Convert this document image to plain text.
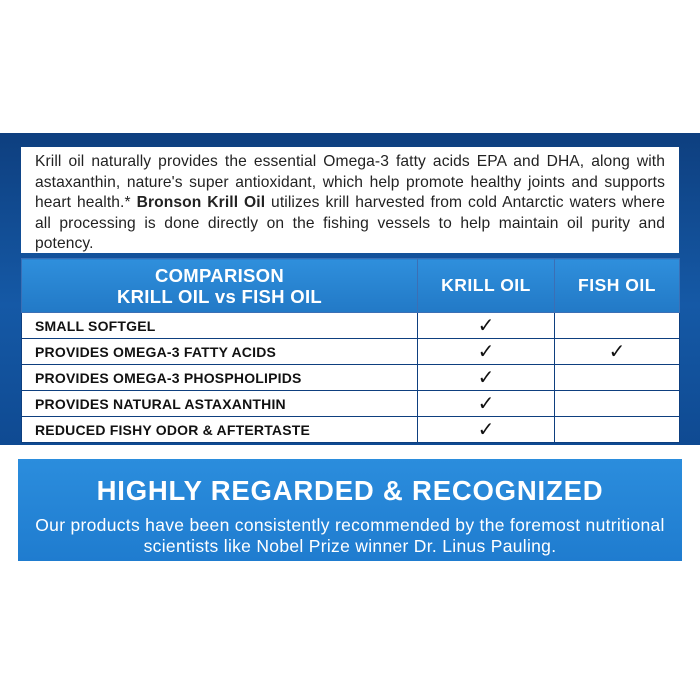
Krill oil naturally provides the essential Omega-3 fatty acids EPA and DHA, along with astaxanthin, nature's super antioxidant, which help promote healthy joints and supports heart health.* Bronson Krill Oil utilizes krill harvested from cold Antarctic waters where all processing is done directly on the fishing vessels to help maintain oil purity and potency.

COMPARISON
KRILL OIL vs FISH OIL	KRILL OIL	FISH OIL
SMALL SOFTGEL	✓	
PROVIDES OMEGA-3 FATTY ACIDS	✓	✓
PROVIDES OMEGA-3 PHOSPHOLIPIDS	✓	
PROVIDES NATURAL ASTAXANTHIN	✓	
REDUCED FISHY ODOR & AFTERTASTE	✓	
HIGHLY REGARDED & RECOGNIZED
Our products have been consistently recommended by the foremost nutritional scientists like Nobel Prize winner Dr. Linus Pauling.
